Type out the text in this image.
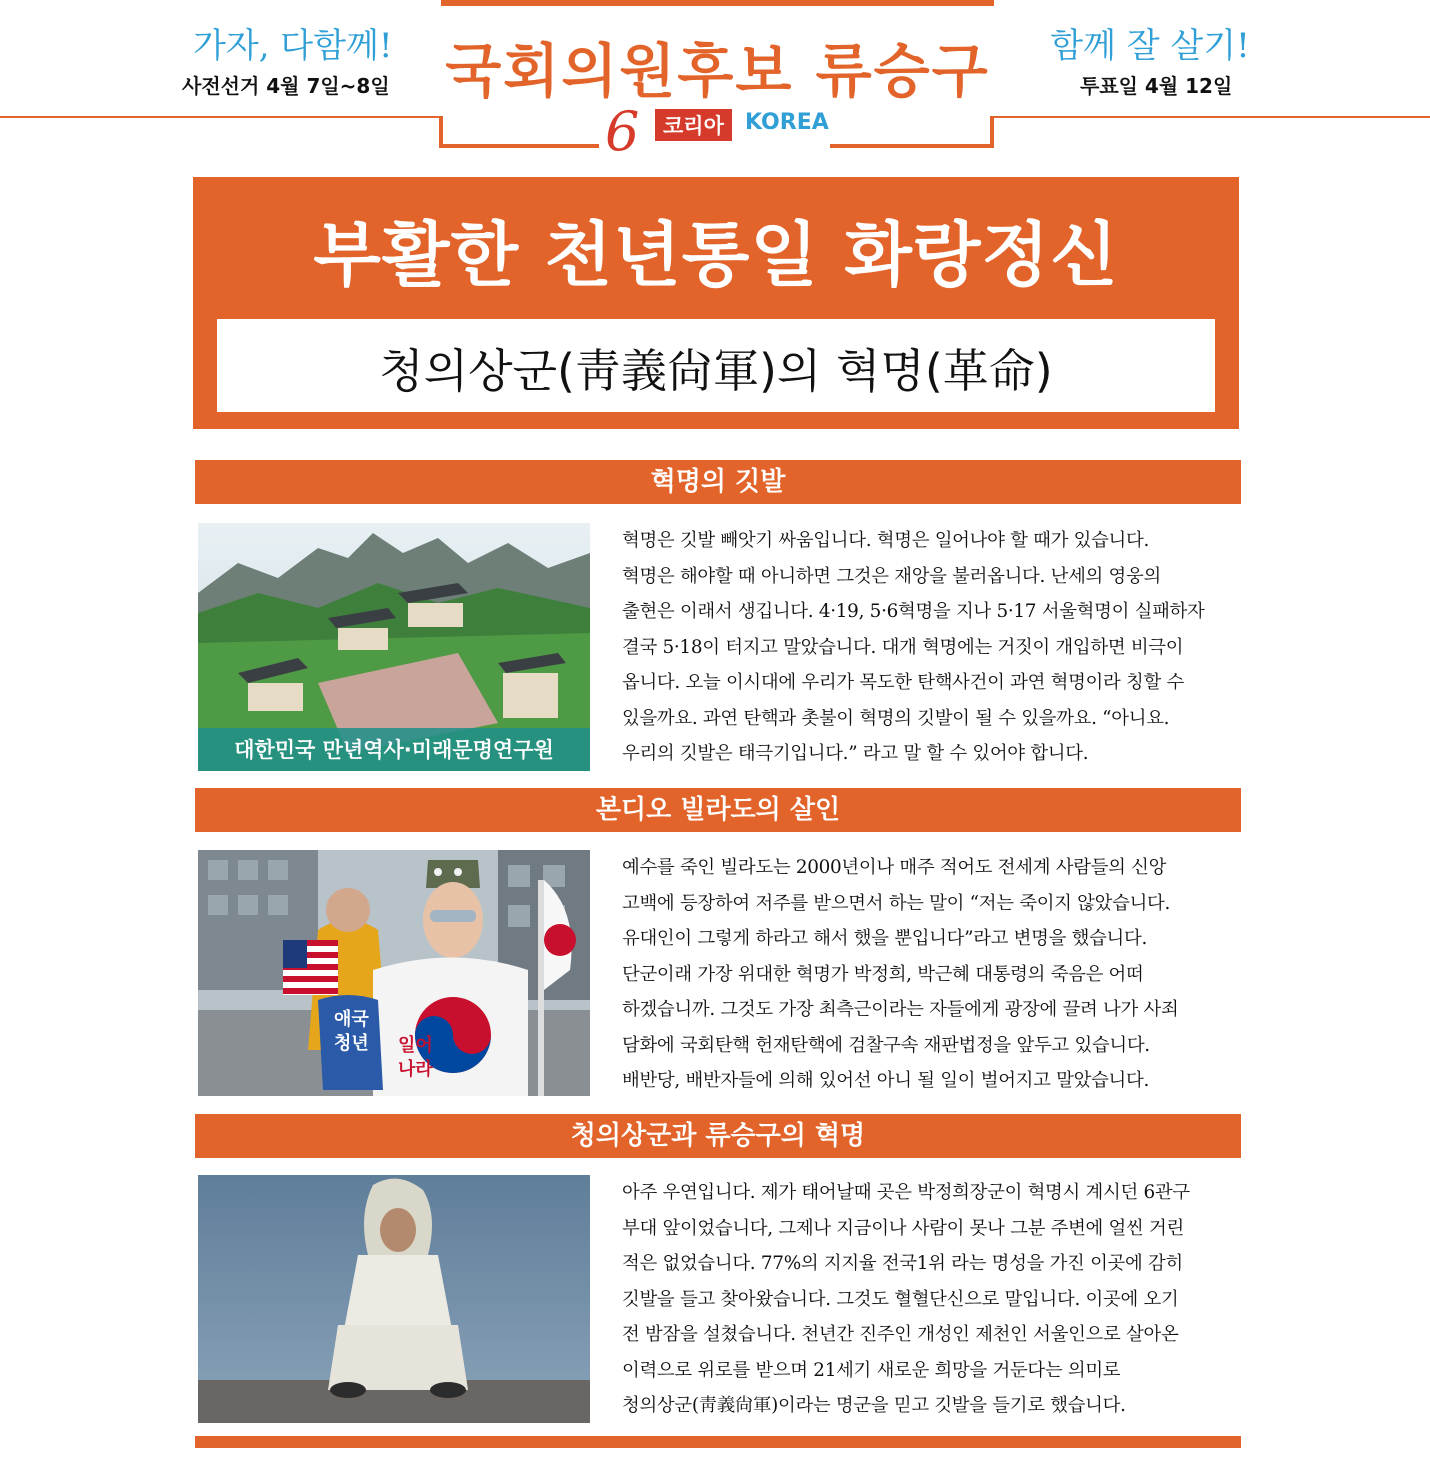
가자, 다함께!
사전선거 4월 7일~8일 국회의원후보 류승구
6	코리아 KOREA
함께 잘 살기!
투표일 4월 12일
부활한 천년통일 화랑정신
청의상군(靑義尙軍)의 혁명(革命)
혁명의 깃발
대한민국 만년역사·미래문명연구원

혁명은 깃발 빼앗기 싸움입니다. 혁명은 일어나야 할 때가 있습니다.

혁명은 해야할 때 아니하면 그것은 재앙을 불러옵니다. 난세의 영웅의

출현은 이래서 생깁니다. 4·19, 5·6혁명을 지나 5·17 서울혁명이 실패하자

결국 5·18이 터지고 말았습니다. 대개 혁명에는 거짓이 개입하면 비극이

옵니다. 오늘 이시대에 우리가 목도한 탄핵사건이 과연 혁명이라 칭할 수

있을까요. 과연 탄핵과 촛불이 혁명의 깃발이 될 수 있을까요. “아니요.

우리의 깃발은 태극기입니다.” 라고 말 할 수 있어야 합니다.

본디오 빌라도의 살인
애국
청년 일어
나라

예수를 죽인 빌라도는 2000년이나 매주 적어도 전세계 사람들의 신앙

고백에 등장하여 저주를 받으면서 하는 말이 “저는 죽이지 않았습니다.

유대인이 그렇게 하라고 해서 했을 뿐입니다”라고 변명을 했습니다.

단군이래 가장 위대한 혁명가 박정희, 박근혜 대통령의 죽음은 어떠

하겠습니까. 그것도 가장 최측근이라는 자들에게 광장에 끌려 나가 사죄

담화에 국회탄핵 헌재탄핵에 검찰구속 재판법정을 앞두고 있습니다.

배반당, 배반자들에 의해 있어선 아니 될 일이 벌어지고 말았습니다.

청의상군과 류승구의 혁명

아주 우연입니다. 제가 태어날때 곳은 박정희장군이 혁명시 계시던 6관구

부대 앞이었습니다, 그제나 지금이나 사람이 못나 그분 주변에 얼씬 거린

적은 없었습니다. 77%의 지지율 전국1위 라는 명성을 가진 이곳에 감히

깃발을 들고 찾아왔습니다. 그것도 혈혈단신으로 말입니다. 이곳에 오기

전 밤잠을 설쳤습니다. 천년간 진주인 개성인 제천인 서울인으로 살아온

이력으로 위로를 받으며 21세기 새로운 희망을 거둔다는 의미로

청의상군(靑義尙軍)이라는 명군을 믿고 깃발을 들기로 했습니다.
